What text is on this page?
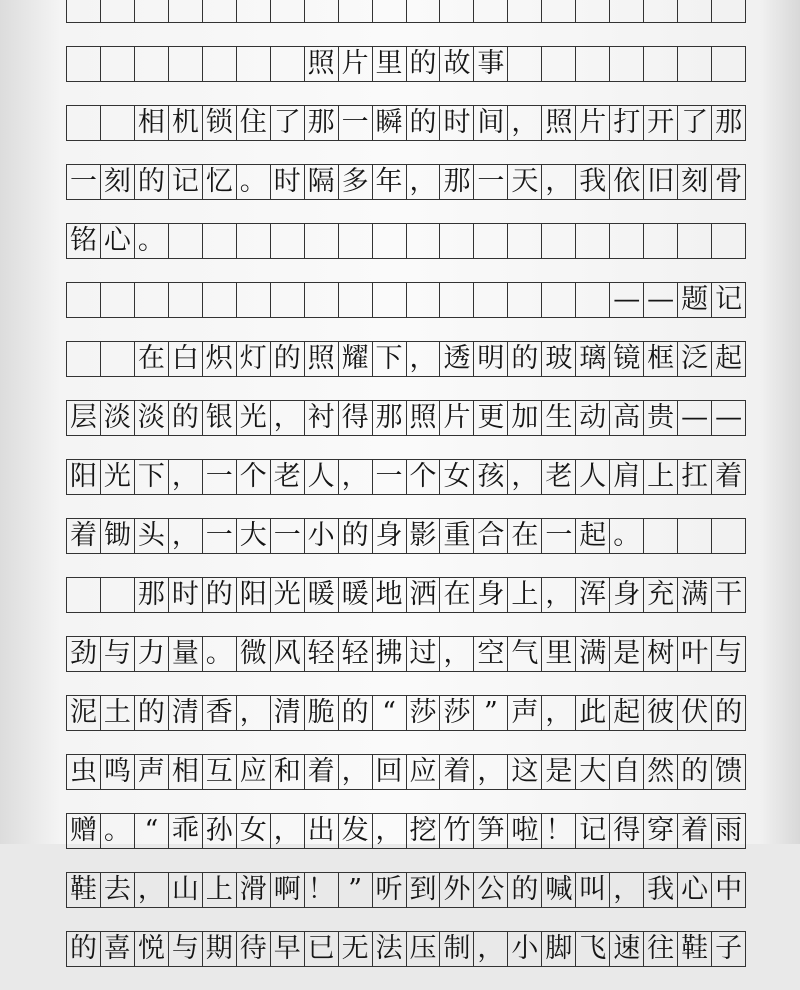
照 片 里 的 故 事
相 机 锁 住 了 那 一 瞬 的 时 间 ， 照 片 打 开 了 那
一 刻 的 记 忆 。 时 隔 多 年 ， 那 一 天 ， 我 依 旧 刻 骨
铭 心 。
— — 题 记
在 白 炽 灯 的 照 耀 下 ， 透 明 的 玻 璃 镜 框 泛 起
层 淡 淡 的 银 光 ， 衬 得 那 照 片 更 加 生 动 高 贵 — —
阳 光 下 ， 一 个 老 人 ， 一 个 女 孩 ， 老 人 肩 上 扛 着
着 锄 头 ， 一 大 一 小 的 身 影 重 合 在 一 起 。
那 时 的 阳 光 暖 暖 地 洒 在 身 上 ， 浑 身 充 满 干
劲 与 力 量 。 微 风 轻 轻 拂 过 ， 空 气 里 满 是 树 叶 与
泥 土 的 清 香 ， 清 脆 的 “ 莎 莎 ” 声 ， 此 起 彼 伏 的
虫 鸣 声 相 互 应 和 着 ， 回 应 着 ， 这 是 大 自 然 的 馈
赠 。 “ 乖 孙 女 ， 出 发 ， 挖 竹 笋 啦 ！ 记 得 穿 着 雨
鞋 去 ， 山 上 滑 啊 ！ ” 听 到 外 公 的 喊 叫 ， 我 心 中
的 喜 悦 与 期 待 早 已 无 法 压 制 ， 小 脚 飞 速 往 鞋 子
